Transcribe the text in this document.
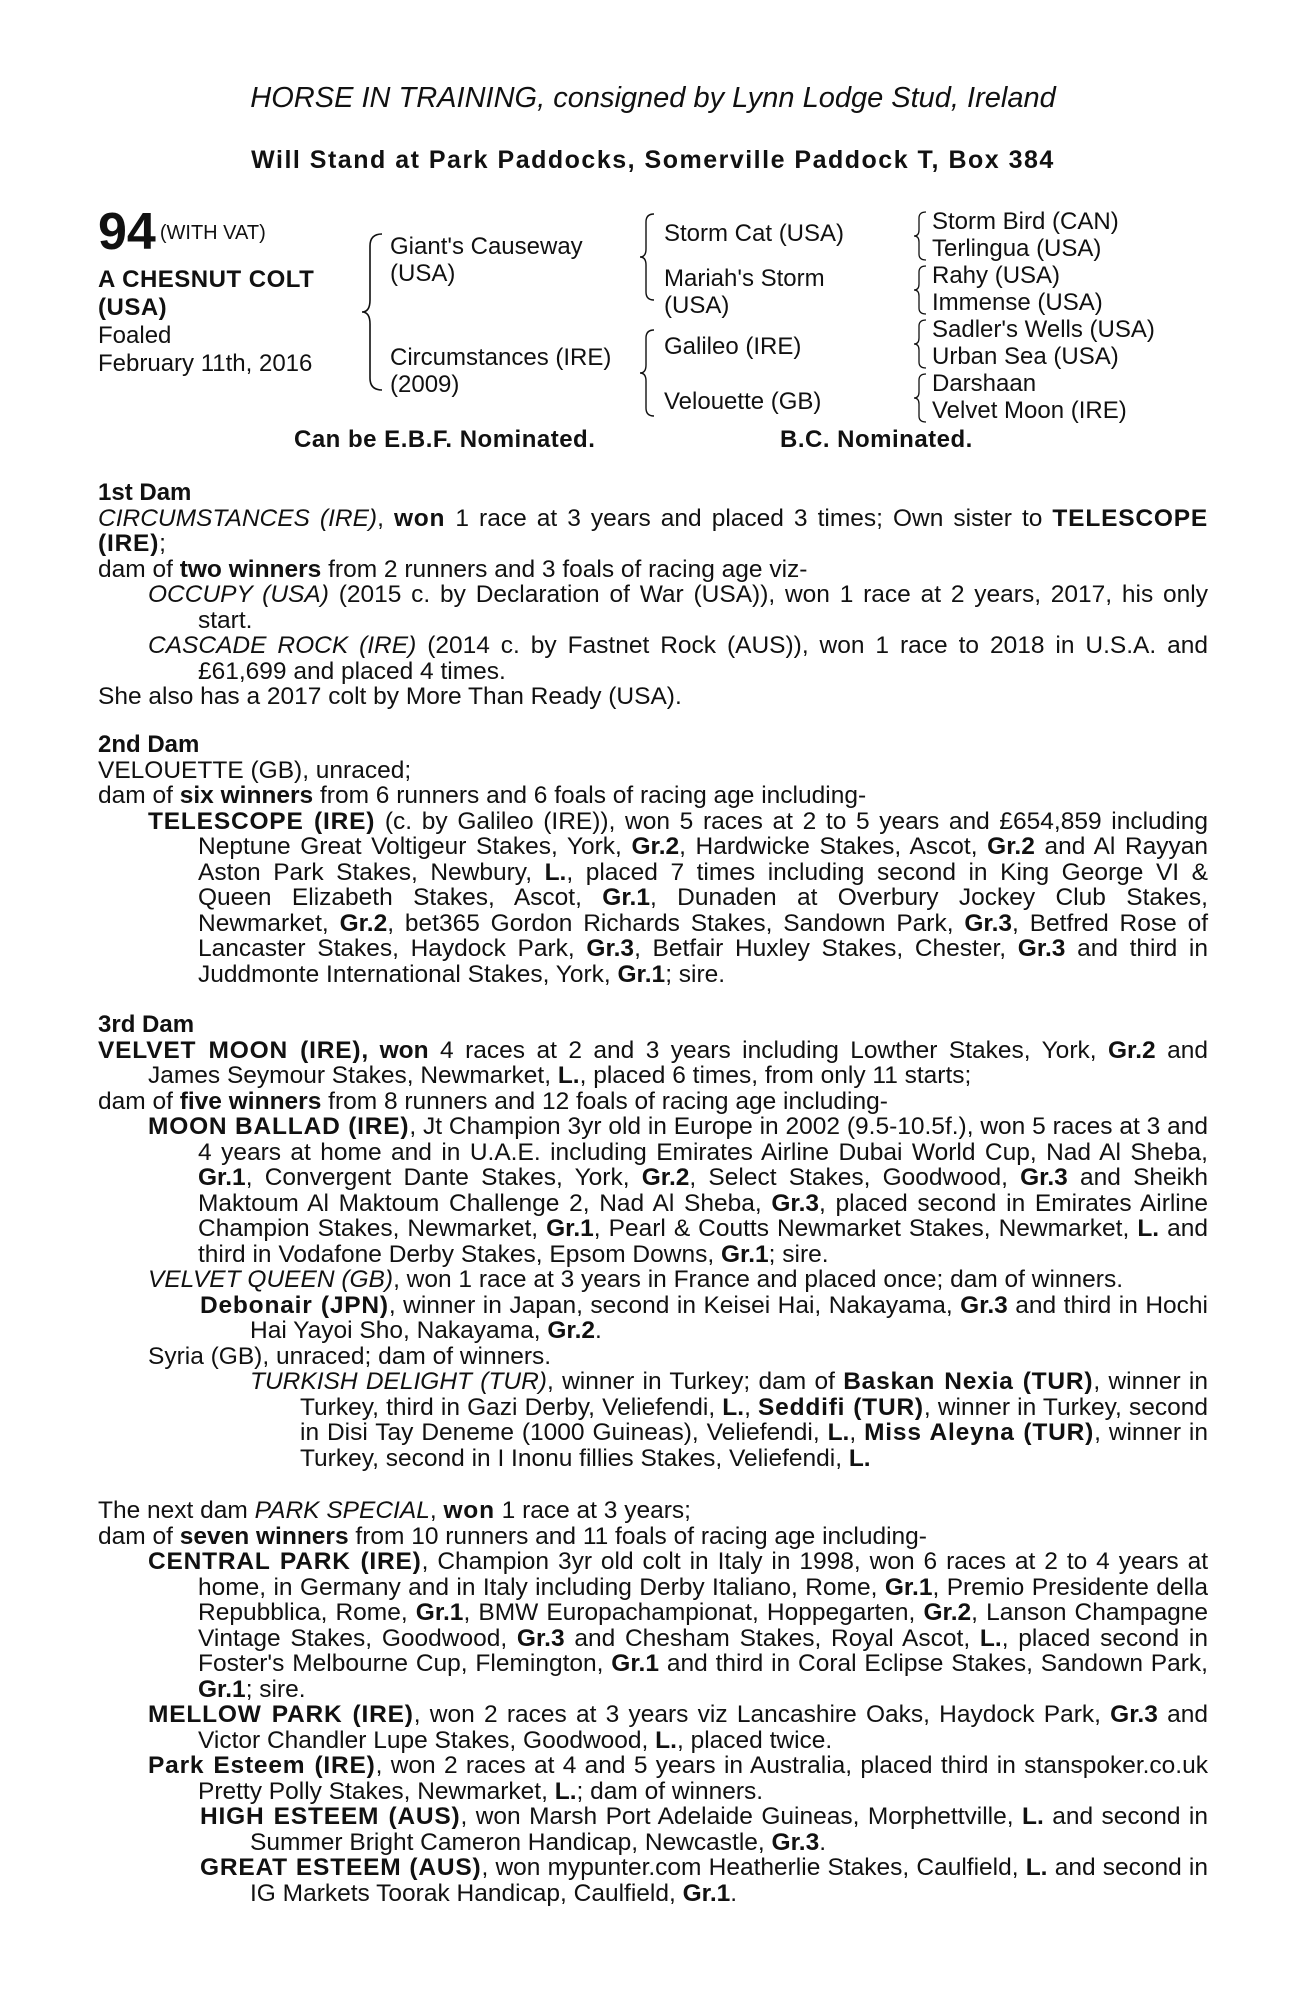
HORSE IN TRAINING, consigned by Lynn Lodge Stud, Ireland
Will Stand at Park Paddocks, Somerville Paddock T, Box 384
94 (WITH VAT)
A CHESNUT COLT
(USA)
Foaled
February 11th, 2016
Giant's Causeway
(USA)
Circumstances (IRE)
(2009)
Storm Cat (USA)
Mariah's Storm
(USA)
Galileo (IRE)
Velouette (GB)
Storm Bird (CAN)
Terlingua (USA)
Rahy (USA)
Immense (USA)
Sadler's Wells (USA)
Urban Sea (USA)
Darshaan
Velvet Moon (IRE)
Can be E.B.F. Nominated.	B.C. Nominated.
1st Dam
CIRCUMSTANCES (IRE), won 1 race at 3 years and placed 3 times; Own sister to TELESCOPE (IRE);
dam of two winners from 2 runners and 3 foals of racing age viz-
OCCUPY (USA) (2015 c. by Declaration of War (USA)), won 1 race at 2 years, 2017, his only start.
CASCADE ROCK (IRE) (2014 c. by Fastnet Rock (AUS)), won 1 race to 2018 in U.S.A. and £61,699 and placed 4 times.
She also has a 2017 colt by More Than Ready (USA).
2nd Dam
VELOUETTE (GB), unraced;
dam of six winners from 6 runners and 6 foals of racing age including-
TELESCOPE (IRE) (c. by Galileo (IRE)), won 5 races at 2 to 5 years and £654,859 including Neptune Great Voltigeur Stakes, York, Gr.2, Hardwicke Stakes, Ascot, Gr.2 and Al Rayyan Aston Park Stakes, Newbury, L., placed 7 times including second in King George VI & Queen Elizabeth Stakes, Ascot, Gr.1, Dunaden at Overbury Jockey Club Stakes, Newmarket, Gr.2, bet365 Gordon Richards Stakes, Sandown Park, Gr.3, Betfred Rose of Lancaster Stakes, Haydock Park, Gr.3, Betfair Huxley Stakes, Chester, Gr.3 and third in Juddmonte International Stakes, York, Gr.1; sire.
3rd Dam
VELVET MOON (IRE), won 4 races at 2 and 3 years including Lowther Stakes, York, Gr.2 and James Seymour Stakes, Newmarket, L., placed 6 times, from only 11 starts;
dam of five winners from 8 runners and 12 foals of racing age including-
MOON BALLAD (IRE), Jt Champion 3yr old in Europe in 2002 (9.5-10.5f.), won 5 races at 3 and 4 years at home and in U.A.E. including Emirates Airline Dubai World Cup, Nad Al Sheba, Gr.1, Convergent Dante Stakes, York, Gr.2, Select Stakes, Goodwood, Gr.3 and Sheikh Maktoum Al Maktoum Challenge 2, Nad Al Sheba, Gr.3, placed second in Emirates Airline Champion Stakes, Newmarket, Gr.1, Pearl & Coutts Newmarket Stakes, Newmarket, L. and third in Vodafone Derby Stakes, Epsom Downs, Gr.1; sire.
VELVET QUEEN (GB), won 1 race at 3 years in France and placed once; dam of winners.
Debonair (JPN), winner in Japan, second in Keisei Hai, Nakayama, Gr.3 and third in Hochi Hai Yayoi Sho, Nakayama, Gr.2.
Syria (GB), unraced; dam of winners.
TURKISH DELIGHT (TUR), winner in Turkey; dam of Baskan Nexia (TUR), winner in Turkey, third in Gazi Derby, Veliefendi, L., Seddifi (TUR), winner in Turkey, second in Disi Tay Deneme (1000 Guineas), Veliefendi, L., Miss Aleyna (TUR), winner in Turkey, second in I Inonu fillies Stakes, Veliefendi, L.
The next dam PARK SPECIAL, won 1 race at 3 years;
dam of seven winners from 10 runners and 11 foals of racing age including-
CENTRAL PARK (IRE), Champion 3yr old colt in Italy in 1998, won 6 races at 2 to 4 years at home, in Germany and in Italy including Derby Italiano, Rome, Gr.1, Premio Presidente della Repubblica, Rome, Gr.1, BMW Europachampionat, Hoppegarten, Gr.2, Lanson Champagne Vintage Stakes, Goodwood, Gr.3 and Chesham Stakes, Royal Ascot, L., placed second in Foster's Melbourne Cup, Flemington, Gr.1 and third in Coral Eclipse Stakes, Sandown Park, Gr.1; sire.
MELLOW PARK (IRE), won 2 races at 3 years viz Lancashire Oaks, Haydock Park, Gr.3 and Victor Chandler Lupe Stakes, Goodwood, L., placed twice.
Park Esteem (IRE), won 2 races at 4 and 5 years in Australia, placed third in stanspoker.co.uk Pretty Polly Stakes, Newmarket, L.; dam of winners.
HIGH ESTEEM (AUS), won Marsh Port Adelaide Guineas, Morphettville, L. and second in Summer Bright Cameron Handicap, Newcastle, Gr.3.
GREAT ESTEEM (AUS), won mypunter.com Heatherlie Stakes, Caulfield, L. and second in IG Markets Toorak Handicap, Caulfield, Gr.1.
